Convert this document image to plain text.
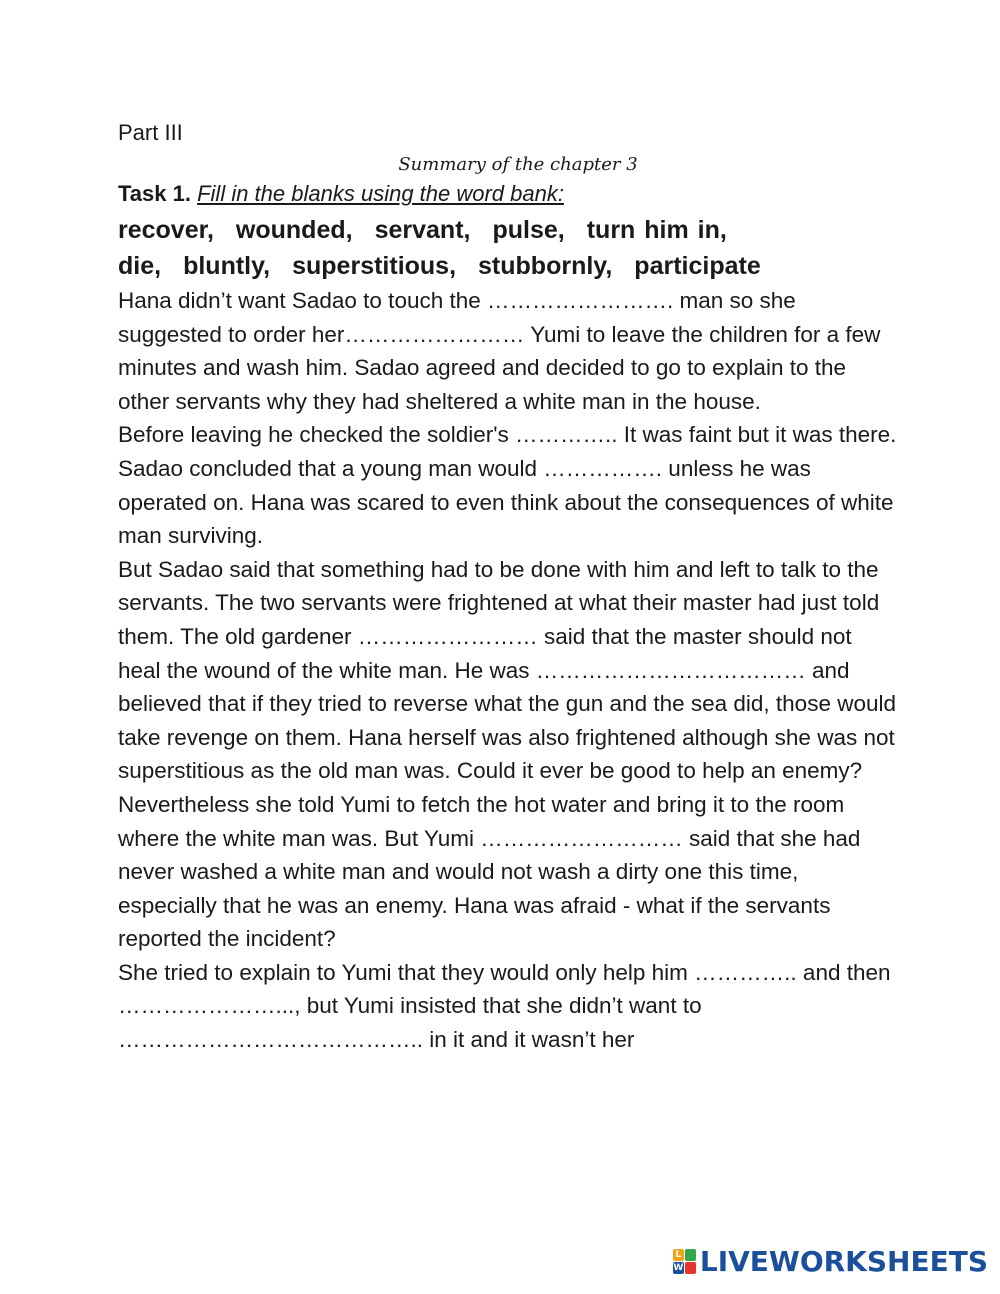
Part III

Summary of the chapter 3

Task 1. Fill in the blanks using the word bank:

recover, wounded, servant, pulse, turn him in,
die, bluntly, superstitious, stubbornly, participate

Hana didn’t want Sadao to touch the ……………………. man so she suggested to order her…………………… Yumi to leave the children for a few minutes and wash him. Sadao agreed and decided to go to explain to the other servants why they had sheltered a white man in the house.

Before leaving he checked the soldier's ………….. It was faint but it was there. Sadao concluded that a young man would ……………. unless he was operated on. Hana was scared to even think about the consequences of white man surviving.

But Sadao said that something had to be done with him and left to talk to the servants. The two servants were frightened at what their master had just told them. The old gardener …………………… said that the master should not heal the wound of the white man. He was ……………………………… and believed that if they tried to reverse what the gun and the sea did, those would take revenge on them. Hana herself was also frightened although she was not superstitious as the old man was. Could it ever be good to help an enemy? Nevertheless she told Yumi to fetch the hot water and bring it to the room where the white man was. But Yumi ……………………… said that she had never washed a white man and would not wash a dirty one this time, especially that he was an enemy. Hana was afraid - what if the servants reported the incident?

She tried to explain to Yumi that they would only help him ………….. and then …………………..., but Yumi insisted that she didn’t want to ………………………………….. in it and it wasn’t her

L
W LIVEWORKSHEETS
